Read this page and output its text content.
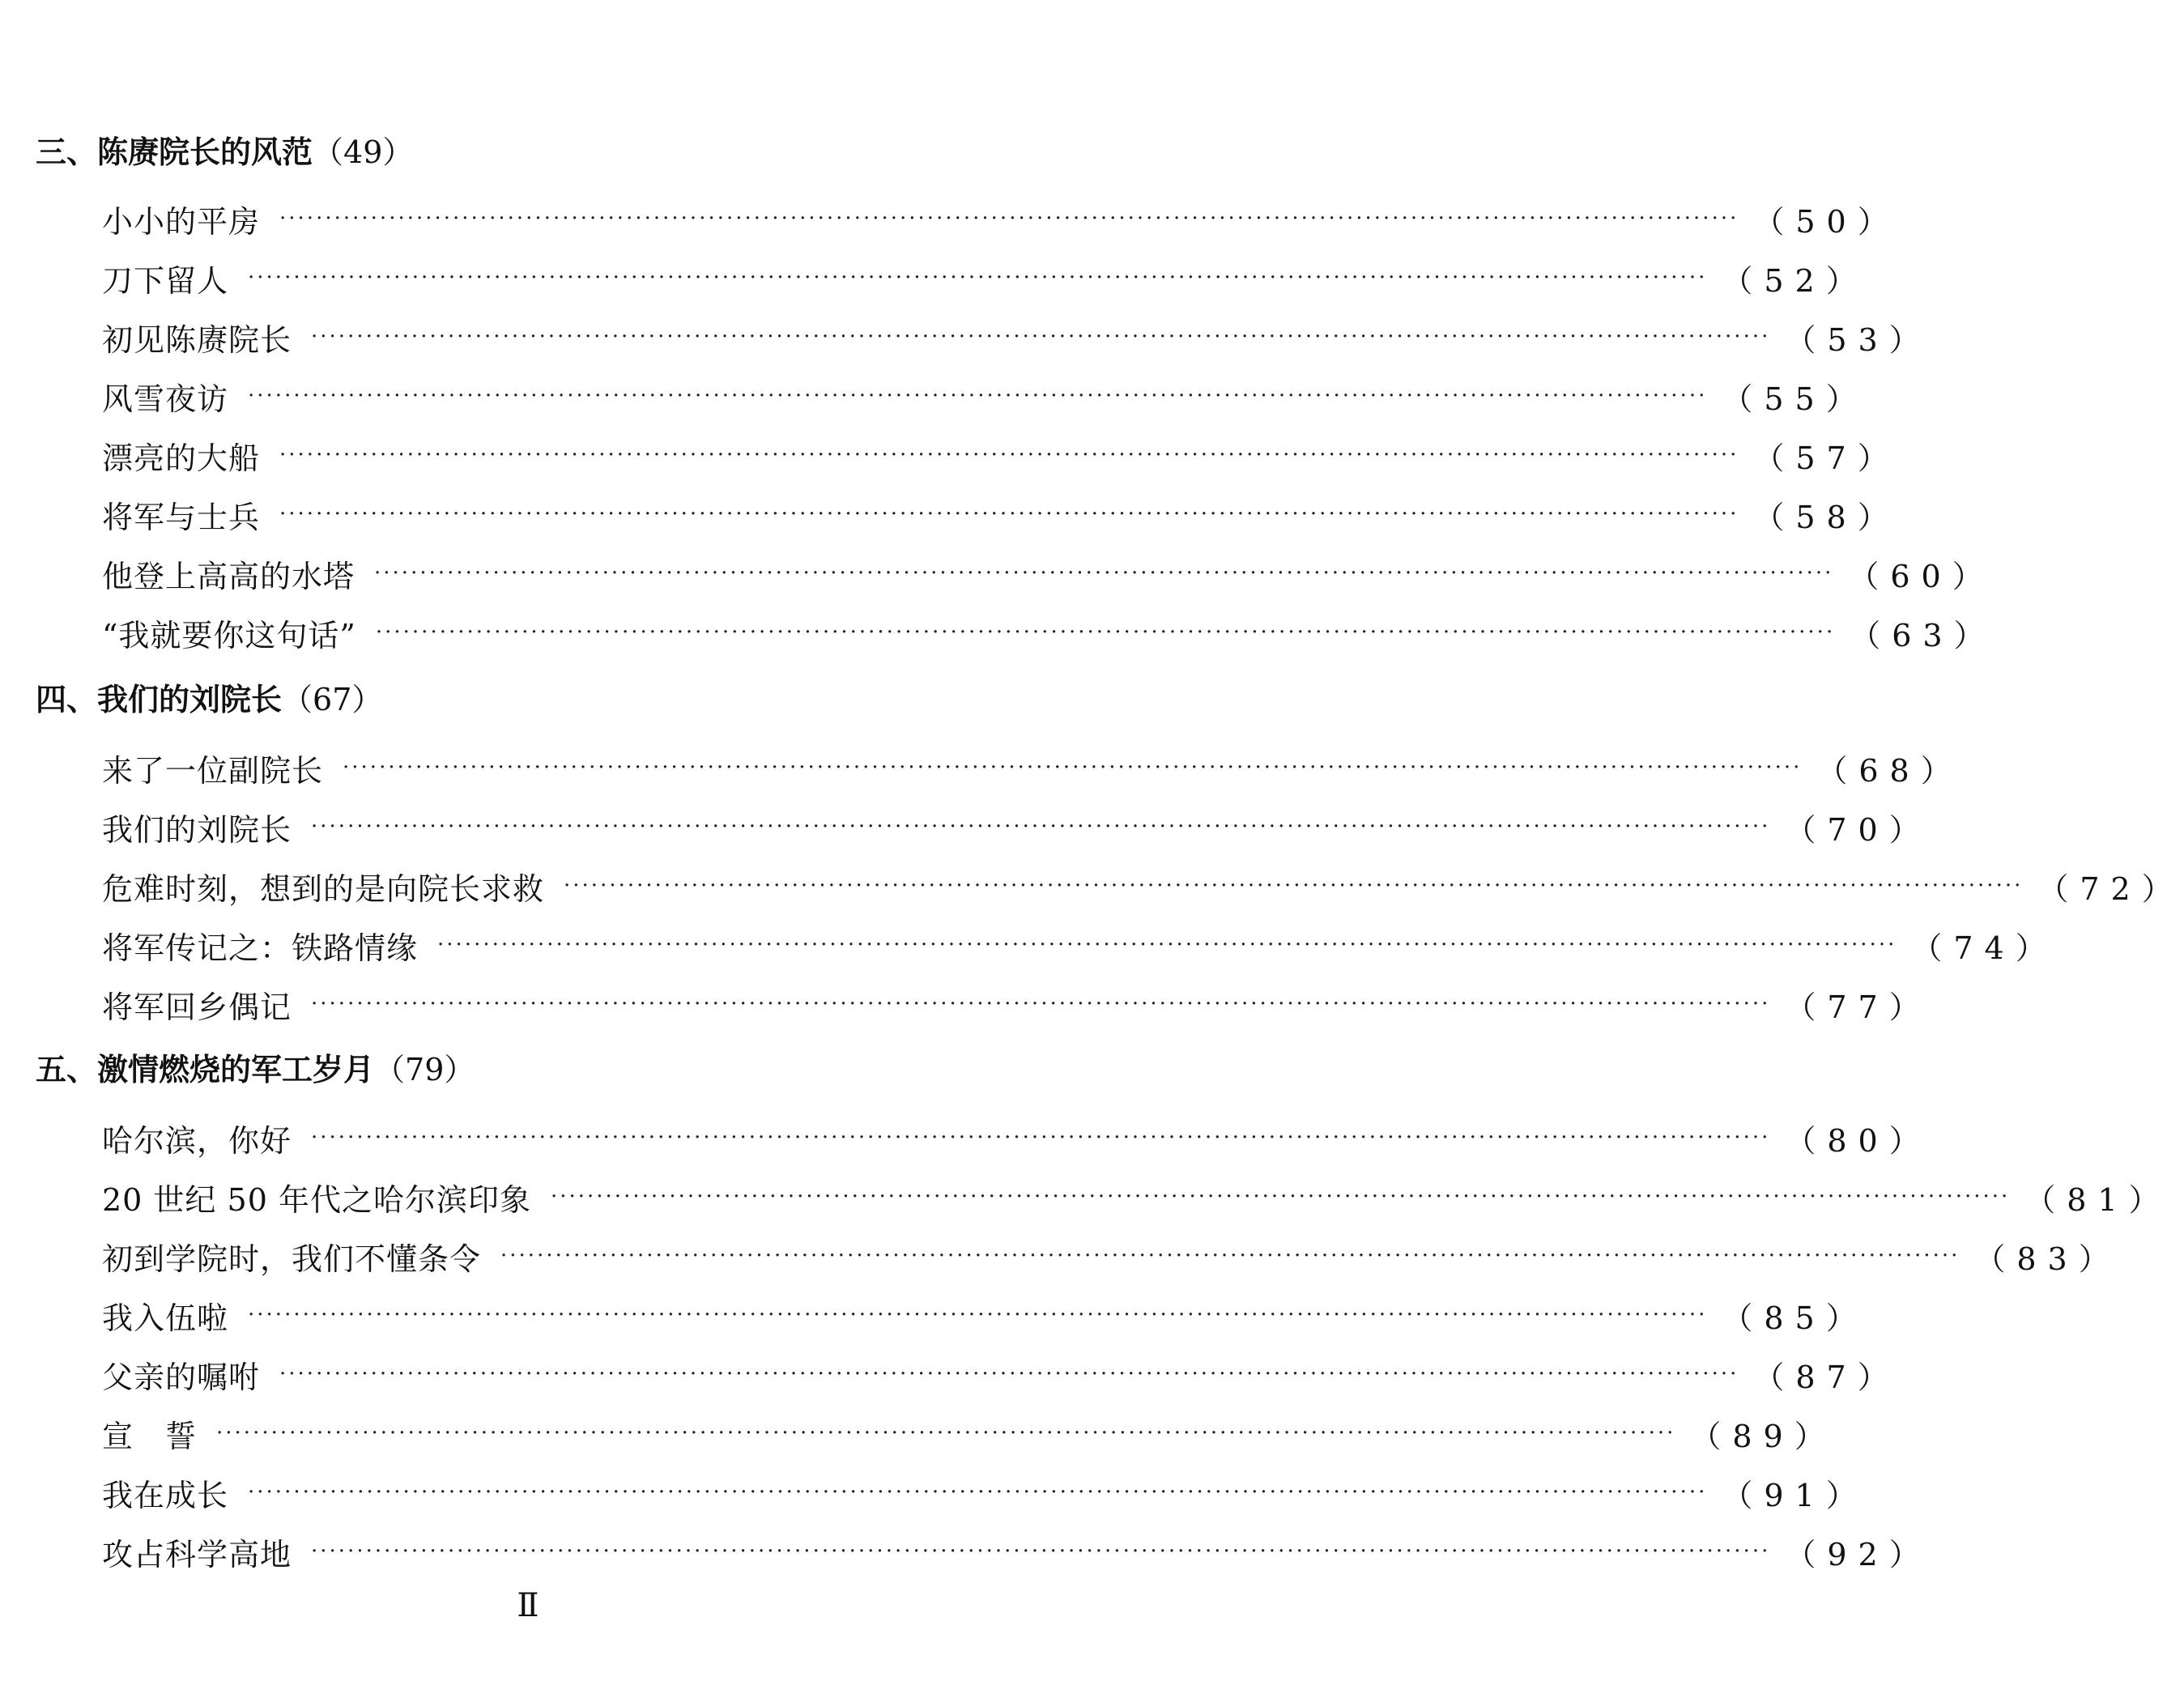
三、陈赓院长的风范（49）
小小的平房 ································································································································································ （50）
刀下留人 ································································································································································ （52）
初见陈赓院长 ································································································································································ （53）
风雪夜访 ································································································································································ （55）
漂亮的大船 ································································································································································ （57）
将军与士兵 ································································································································································ （58）
他登上高高的水塔 ································································································································································ （60）
“我就要你这句话” ································································································································································ （63）
四、我们的刘院长（67）
来了一位副院长 ································································································································································ （68）
我们的刘院长 ································································································································································ （70）
危难时刻，想到的是向院长求救 ································································································································································ （72）
将军传记之：铁路情缘 ································································································································································ （74）
将军回乡偶记 ································································································································································ （77）
五、激情燃烧的军工岁月（79）
哈尔滨，你好 ································································································································································ （80）
20 世纪 50 年代之哈尔滨印象 ································································································································································ （81）
初到学院时，我们不懂条令 ································································································································································ （83）
我入伍啦 ································································································································································ （85）
父亲的嘱咐 ································································································································································ （87）
宣　誓 ································································································································································ （89）
我在成长 ································································································································································ （91）
攻占科学高地 ································································································································································ （92）
Ⅱ
